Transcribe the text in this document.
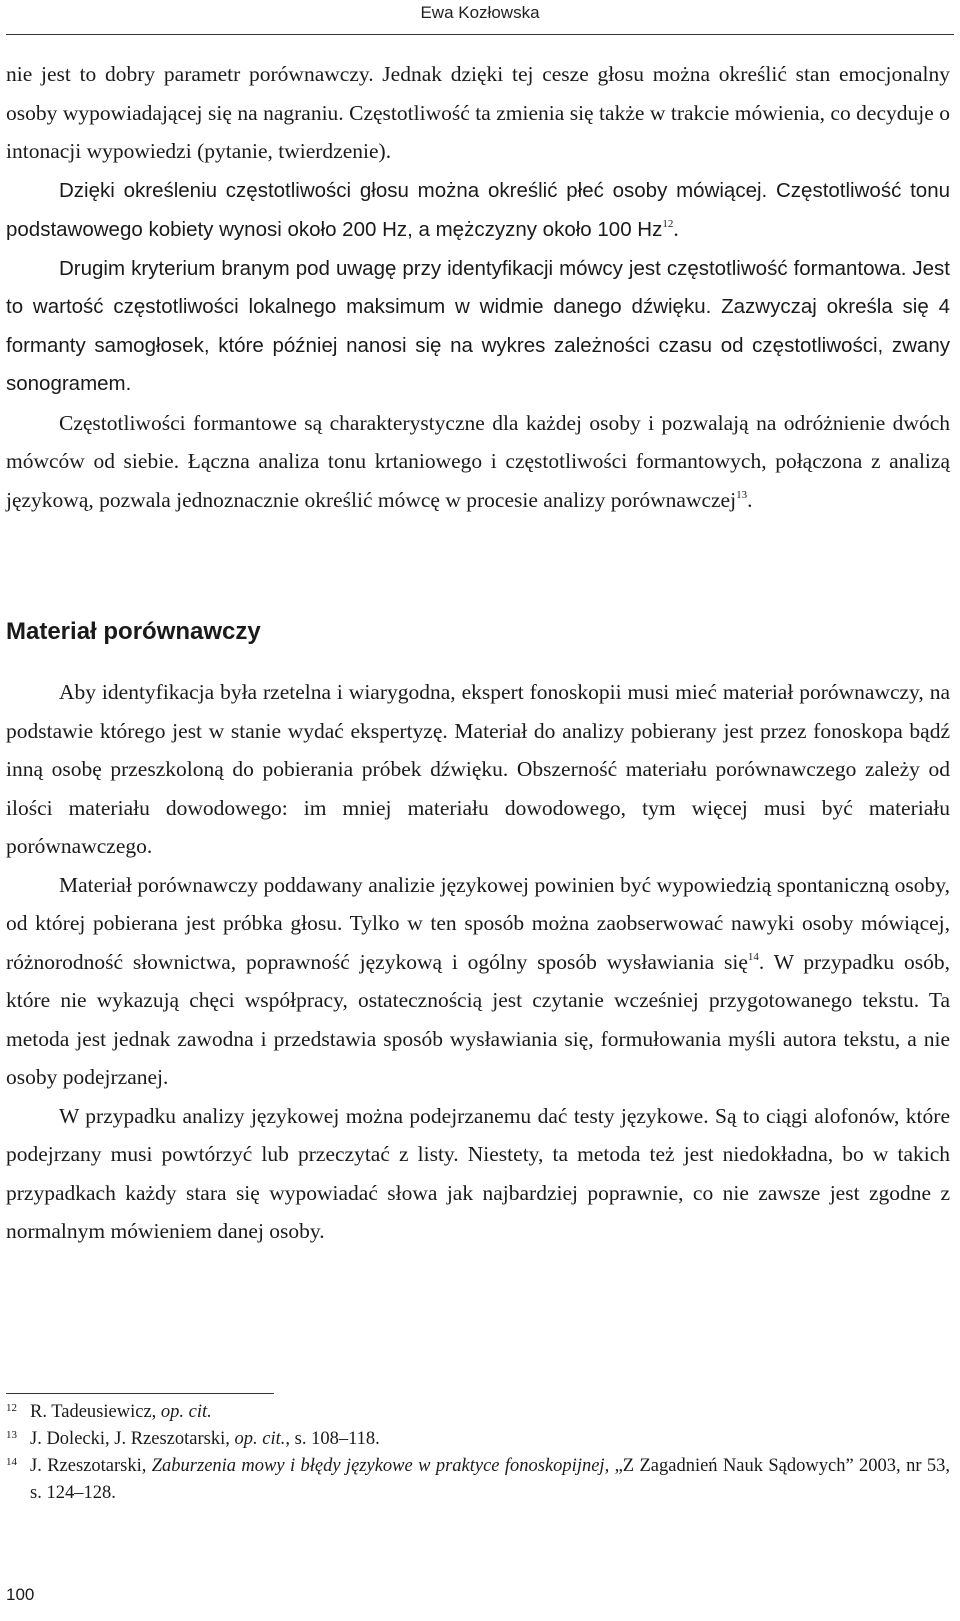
Ewa Kozłowska

nie jest to dobry parametr porównawczy. Jednak dzięki tej cesze głosu można określić stan emocjonalny osoby wypowiadającej się na nagraniu. Częstotliwość ta zmienia się także w trakcie mówienia, co decyduje o intonacji wypowiedzi (pytanie, twierdzenie).

Dzięki określeniu częstotliwości głosu można określić płeć osoby mówiącej. Częstotliwość tonu podstawowego kobiety wynosi około 200 Hz, a mężczyzny około 100 Hz$^{12}$.

Drugim kryterium branym pod uwagę przy identyfikacji mówcy jest częstotliwość formantowa. Jest to wartość częstotliwości lokalnego maksimum w widmie danego dźwięku. Zazwyczaj określa się 4 formanty samogłosek, które później nanosi się na wykres zależności czasu od częstotliwości, zwany sonogramem.

Częstotliwości formantowe są charakterystyczne dla każdej osoby i pozwalają na odróżnienie dwóch mówców od siebie. Łączna analiza tonu krtaniowego i częstotliwości formantowych, połączona z analizą językową, pozwala jednoznacznie określić mówcę w procesie analizy porównawczej$^{13}$.

Materiał porównawczy

Aby identyfikacja była rzetelna i wiarygodna, ekspert fonoskopii musi mieć materiał porównawczy, na podstawie którego jest w stanie wydać ekspertyzę. Materiał do analizy pobierany jest przez fonoskopa bądź inną osobę przeszkoloną do pobierania próbek dźwięku. Obszerność materiału porównawczego zależy od ilości materiału dowodowego: im mniej materiału dowodowego, tym więcej musi być materiału porównawczego.

Materiał porównawczy poddawany analizie językowej powinien być wypowiedzią spontaniczną osoby, od której pobierana jest próbka głosu. Tylko w ten sposób można zaobserwować nawyki osoby mówiącej, różnorodność słownictwa, poprawność językową i ogólny sposób wysławiania się$^{14}$. W przypadku osób, które nie wykazują chęci współpracy, ostatecznością jest czytanie wcześniej przygotowanego tekstu. Ta metoda jest jednak zawodna i przedstawia sposób wysławiania się, formułowania myśli autora tekstu, a nie osoby podejrzanej.

W przypadku analizy językowej można podejrzanemu dać testy językowe. Są to ciągi alofonów, które podejrzany musi powtórzyć lub przeczytać z listy. Niestety, ta metoda też jest niedokładna, bo w takich przypadkach każdy stara się wypowiadać słowa jak najbardziej poprawnie, co nie zawsze jest zgodne z normalnym mówieniem danej osoby.

12 R. Tadeusiewicz, op. cit.
13 J. Dolecki, J. Rzeszotarski, op. cit., s. 108–118.
14 J. Rzeszotarski, Zaburzenia mowy i błędy językowe w praktyce fonoskopijnej, „Z Zagadnień Nauk Sądowych” 2003, nr 53, s. 124–128.
100
